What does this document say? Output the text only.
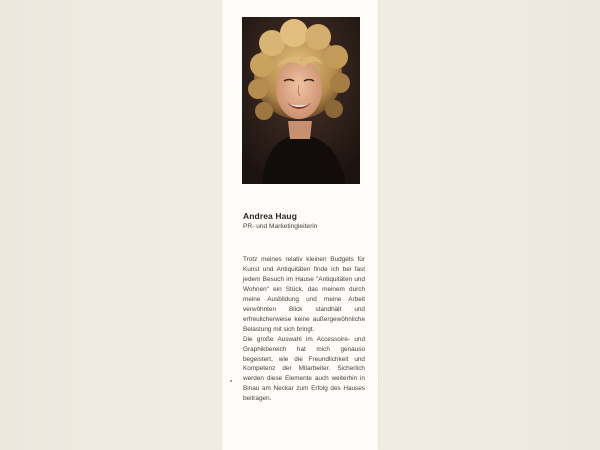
Andrea Haug
PR- und Marketingleiterin

Trotz meines relativ kleinen Budgets für Kunst und Antiquitäten finde ich bei fast jedem Besuch im Hause "Antiquitäten und Wohnen" ein Stück, das meinem durch meine Ausbildung und meine Arbeit verwöhnten Blick standhält und erfreulicherweise keine außergewöhnliche Belastung mit sich bringt.

Die große Auswahl im Accessoire- und Graphikbereich hat mich genauso begeistert, wie die Freundlichkeit und Kompetenz der Mitarbeiter. Sicherlich werden diese Elemente auch weiterhin in Binau am Neckar zum Erfolg des Hauses beitragen.
